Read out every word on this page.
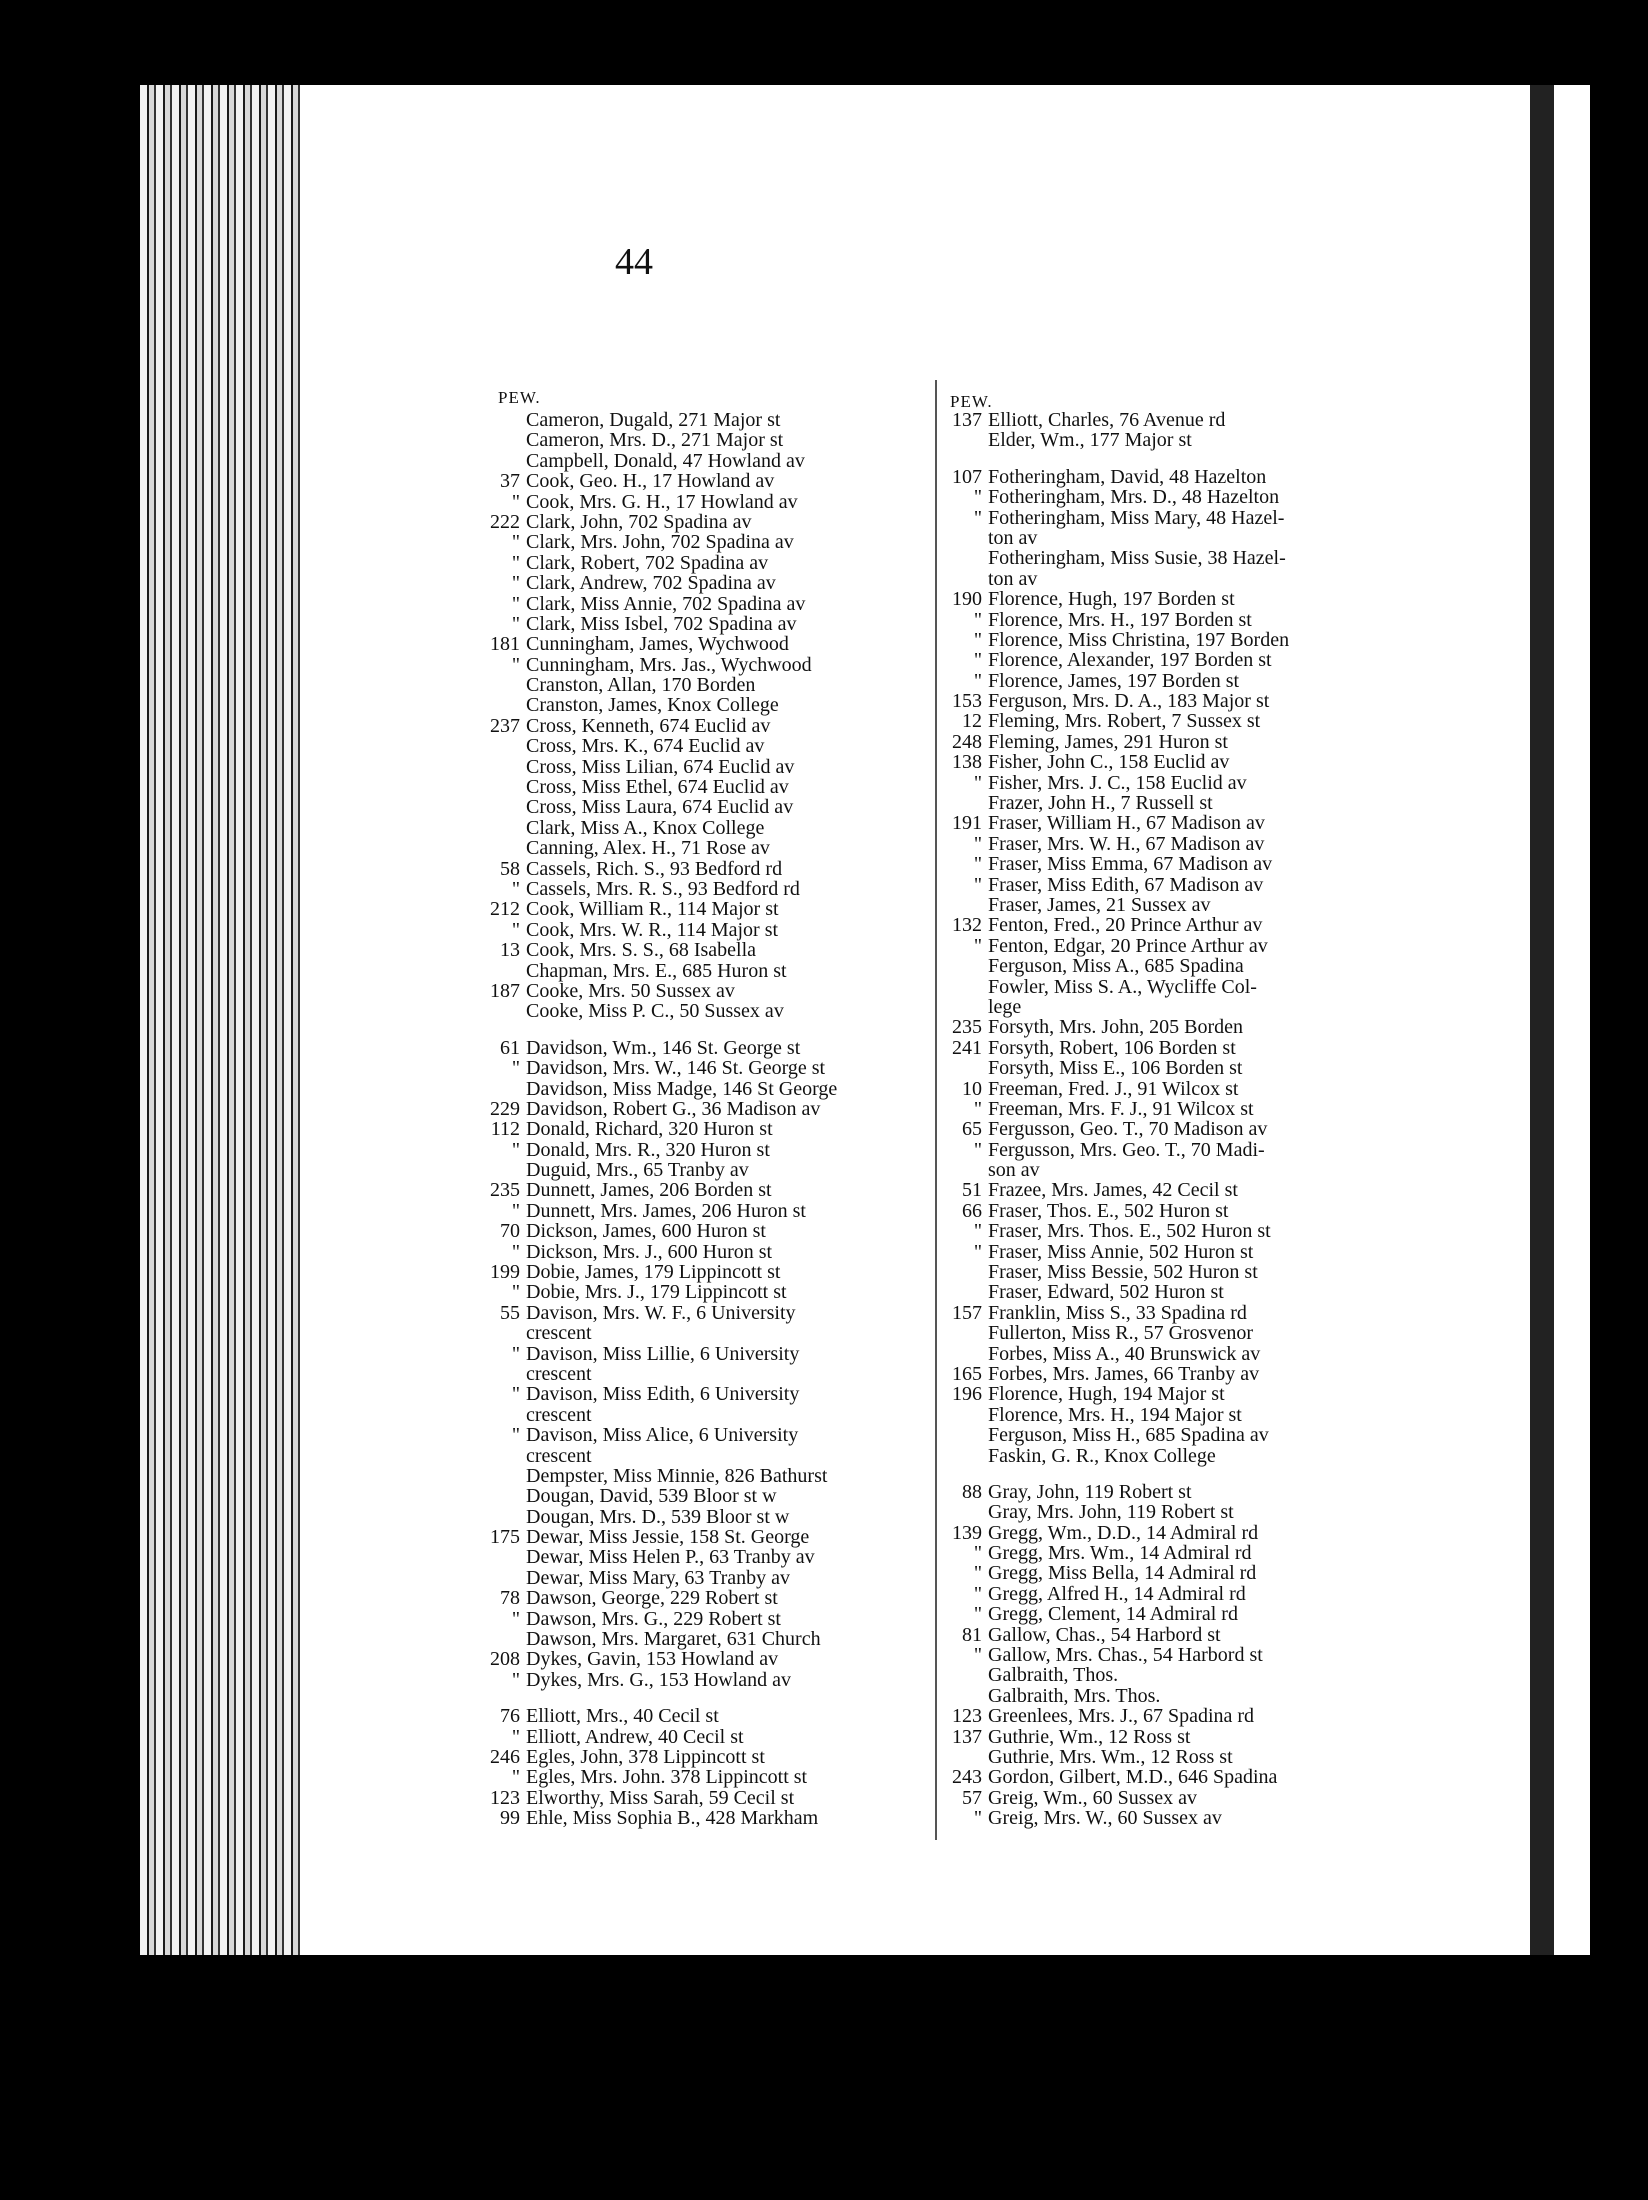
44
PEW.	PEW.
Cameron, Dugald, 271 Major st
Cameron, Mrs. D., 271 Major st
Campbell, Donald, 47 Howland av
37 Cook, Geo. H., 17 Howland av
" Cook, Mrs. G. H., 17 Howland av
222 Clark, John, 702 Spadina av
" Clark, Mrs. John, 702 Spadina av
" Clark, Robert, 702 Spadina av
" Clark, Andrew, 702 Spadina av
" Clark, Miss Annie, 702 Spadina av
" Clark, Miss Isbel, 702 Spadina av
181 Cunningham, James, Wychwood
" Cunningham, Mrs. Jas., Wychwood
Cranston, Allan, 170 Borden
Cranston, James, Knox College
237 Cross, Kenneth, 674 Euclid av
Cross, Mrs. K., 674 Euclid av
Cross, Miss Lilian, 674 Euclid av
Cross, Miss Ethel, 674 Euclid av
Cross, Miss Laura, 674 Euclid av
Clark, Miss A., Knox College
Canning, Alex. H., 71 Rose av
58 Cassels, Rich. S., 93 Bedford rd
" Cassels, Mrs. R. S., 93 Bedford rd
212 Cook, William R., 114 Major st
" Cook, Mrs. W. R., 114 Major st
13 Cook, Mrs. S. S., 68 Isabella
Chapman, Mrs. E., 685 Huron st
187 Cooke, Mrs. 50 Sussex av
Cooke, Miss P. C., 50 Sussex av
61 Davidson, Wm., 146 St. George st
" Davidson, Mrs. W., 146 St. George st
Davidson, Miss Madge, 146 St George
229 Davidson, Robert G., 36 Madison av
112 Donald, Richard, 320 Huron st
" Donald, Mrs. R., 320 Huron st
Duguid, Mrs., 65 Tranby av
235 Dunnett, James, 206 Borden st
" Dunnett, Mrs. James, 206 Huron st
70 Dickson, James, 600 Huron st
" Dickson, Mrs. J., 600 Huron st
199 Dobie, James, 179 Lippincott st
" Dobie, Mrs. J., 179 Lippincott st
55 Davison, Mrs. W. F., 6 University
crescent
" Davison, Miss Lillie, 6 University
crescent
" Davison, Miss Edith, 6 University
crescent
" Davison, Miss Alice, 6 University
crescent
Dempster, Miss Minnie, 826 Bathurst
Dougan, David, 539 Bloor st w
Dougan, Mrs. D., 539 Bloor st w
175 Dewar, Miss Jessie, 158 St. George
Dewar, Miss Helen P., 63 Tranby av
Dewar, Miss Mary, 63 Tranby av
78 Dawson, George, 229 Robert st
" Dawson, Mrs. G., 229 Robert st
Dawson, Mrs. Margaret, 631 Church
208 Dykes, Gavin, 153 Howland av
" Dykes, Mrs. G., 153 Howland av
76 Elliott, Mrs., 40 Cecil st
" Elliott, Andrew, 40 Cecil st
246 Egles, John, 378 Lippincott st
" Egles, Mrs. John. 378 Lippincott st
123 Elworthy, Miss Sarah, 59 Cecil st
99 Ehle, Miss Sophia B., 428 Markham
137 Elliott, Charles, 76 Avenue rd
Elder, Wm., 177 Major st
107 Fotheringham, David, 48 Hazelton
" Fotheringham, Mrs. D., 48 Hazelton
" Fotheringham, Miss Mary, 48 Hazel-
ton av
Fotheringham, Miss Susie, 38 Hazel-
ton av
190 Florence, Hugh, 197 Borden st
" Florence, Mrs. H., 197 Borden st
" Florence, Miss Christina, 197 Borden
" Florence, Alexander, 197 Borden st
" Florence, James, 197 Borden st
153 Ferguson, Mrs. D. A., 183 Major st
12 Fleming, Mrs. Robert, 7 Sussex st
248 Fleming, James, 291 Huron st
138 Fisher, John C., 158 Euclid av
" Fisher, Mrs. J. C., 158 Euclid av
Frazer, John H., 7 Russell st
191 Fraser, William H., 67 Madison av
" Fraser, Mrs. W. H., 67 Madison av
" Fraser, Miss Emma, 67 Madison av
" Fraser, Miss Edith, 67 Madison av
Fraser, James, 21 Sussex av
132 Fenton, Fred., 20 Prince Arthur av
" Fenton, Edgar, 20 Prince Arthur av
Ferguson, Miss A., 685 Spadina
Fowler, Miss S. A., Wycliffe Col-
lege
235 Forsyth, Mrs. John, 205 Borden
241 Forsyth, Robert, 106 Borden st
Forsyth, Miss E., 106 Borden st
10 Freeman, Fred. J., 91 Wilcox st
" Freeman, Mrs. F. J., 91 Wilcox st
65 Fergusson, Geo. T., 70 Madison av
" Fergusson, Mrs. Geo. T., 70 Madi-
son av
51 Frazee, Mrs. James, 42 Cecil st
66 Fraser, Thos. E., 502 Huron st
" Fraser, Mrs. Thos. E., 502 Huron st
" Fraser, Miss Annie, 502 Huron st
Fraser, Miss Bessie, 502 Huron st
Fraser, Edward, 502 Huron st
157 Franklin, Miss S., 33 Spadina rd
Fullerton, Miss R., 57 Grosvenor
Forbes, Miss A., 40 Brunswick av
165 Forbes, Mrs. James, 66 Tranby av
196 Florence, Hugh, 194 Major st
Florence, Mrs. H., 194 Major st
Ferguson, Miss H., 685 Spadina av
Faskin, G. R., Knox College
88 Gray, John, 119 Robert st
Gray, Mrs. John, 119 Robert st
139 Gregg, Wm., D.D., 14 Admiral rd
" Gregg, Mrs. Wm., 14 Admiral rd
" Gregg, Miss Bella, 14 Admiral rd
" Gregg, Alfred H., 14 Admiral rd
" Gregg, Clement, 14 Admiral rd
81 Gallow, Chas., 54 Harbord st
" Gallow, Mrs. Chas., 54 Harbord st
Galbraith, Thos.
Galbraith, Mrs. Thos.
123 Greenlees, Mrs. J., 67 Spadina rd
137 Guthrie, Wm., 12 Ross st
Guthrie, Mrs. Wm., 12 Ross st
243 Gordon, Gilbert, M.D., 646 Spadina
57 Greig, Wm., 60 Sussex av
" Greig, Mrs. W., 60 Sussex av
